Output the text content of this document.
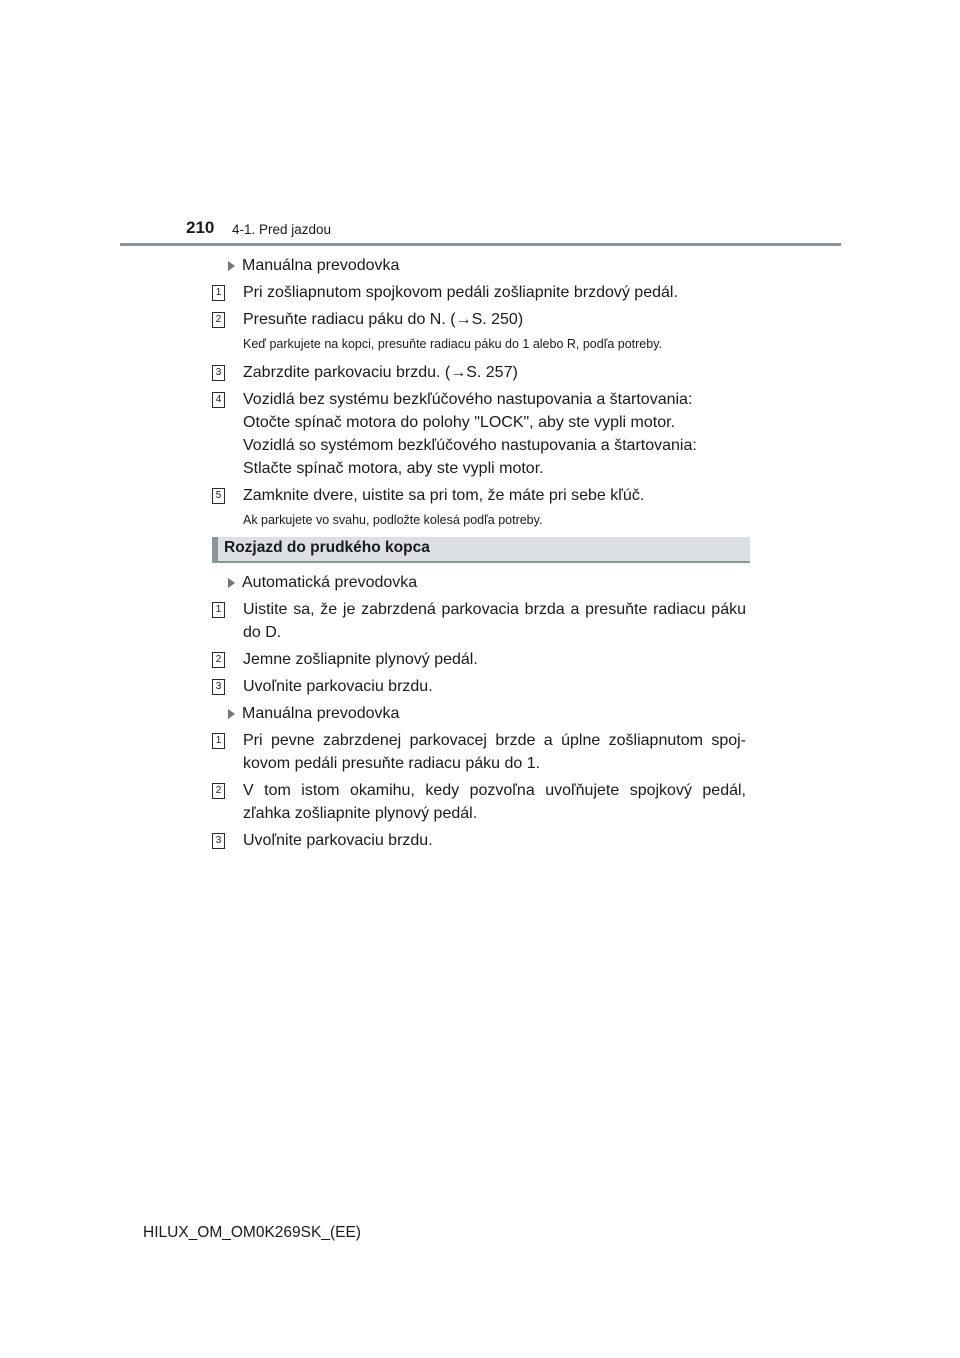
210 4-1. Pred jazdou
Manuálna prevodovka
1 Pri zošliapnutom spojkovom pedáli zošliapnite brzdový pedál.
2 Presuňte radiacu páku do N. (→S. 250)
Keď parkujete na kopci, presuňte radiacu páku do 1 alebo R, podľa potreby.
3 Zabrzdite parkovaciu brzdu. (→S. 257)
4 Vozidlá bez systému bezkľúčového nastupovania a štartovania:
Otočte spínač motora do polohy "LOCK", aby ste vypli motor.
Vozidlá so systémom bezkľúčového nastupovania a štartovania:
Stlačte spínač motora, aby ste vypli motor.
5 Zamknite dvere, uistite sa pri tom, že máte pri sebe kľúč.
Ak parkujete vo svahu, podložte kolesá podľa potreby.
Rozjazd do prudkého kopca
Automatická prevodovka
1 Uistite sa, že je zabrzdená parkovacia brzda a presuňte radiacu páku do D.
2 Jemne zošliapnite plynový pedál.
3 Uvoľnite parkovaciu brzdu.
Manuálna prevodovka
1 Pri pevne zabrzdenej parkovacej brzde a úplne zošliapnutom spojkovom pedáli presuňte radiacu páku do 1.
2 V tom istom okamihu, kedy pozvoľna uvoľňujete spojkový pedál, zľahka zošliapnite plynový pedál.
3 Uvoľnite parkovaciu brzdu.
HILUX_OM_OM0K269SK_(EE)
